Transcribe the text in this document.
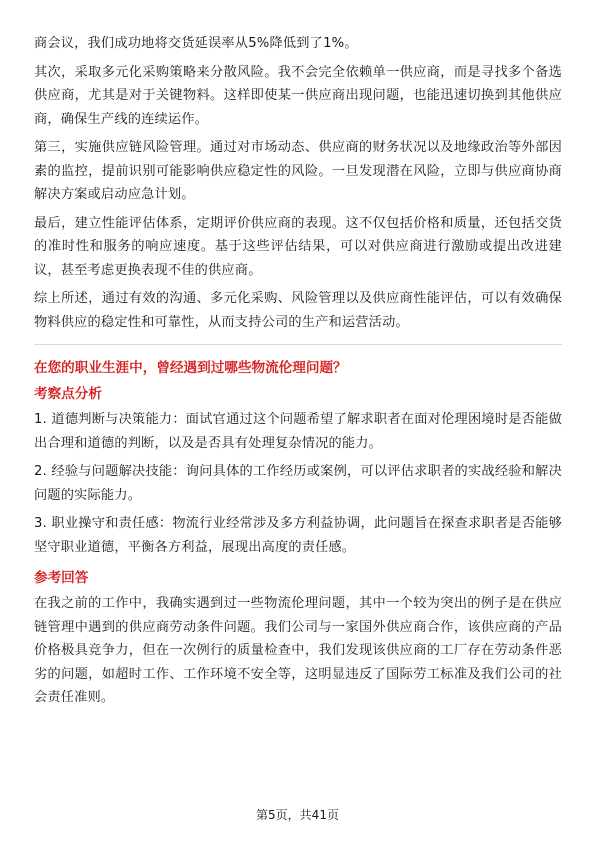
商会议，我们成功地将交货延误率从5%降低到了1%。

其次，采取多元化采购策略来分散风险。我不会完全依赖单一供应商，而是寻找多个备选供应商，尤其是对于关键物料。这样即使某一供应商出现问题，也能迅速切换到其他供应商，确保生产线的连续运作。

第三，实施供应链风险管理。通过对市场动态、供应商的财务状况以及地缘政治等外部因素的监控，提前识别可能影响供应稳定性的风险。一旦发现潜在风险，立即与供应商协商解决方案或启动应急计划。

最后，建立性能评估体系，定期评价供应商的表现。这不仅包括价格和质量，还包括交货的准时性和服务的响应速度。基于这些评估结果，可以对供应商进行激励或提出改进建议，甚至考虑更换表现不佳的供应商。

综上所述，通过有效的沟通、多元化采购、风险管理以及供应商性能评估，可以有效确保物料供应的稳定性和可靠性，从而支持公司的生产和运营活动。

在您的职业生涯中，曾经遇到过哪些物流伦理问题？
考察点分析

1. 道德判断与决策能力：面试官通过这个问题希望了解求职者在面对伦理困境时是否能做出合理和道德的判断，以及是否具有处理复杂情况的能力。

2. 经验与问题解决技能：询问具体的工作经历或案例，可以评估求职者的实战经验和解决问题的实际能力。

3. 职业操守和责任感：物流行业经常涉及多方利益协调，此问题旨在探查求职者是否能够坚守职业道德，平衡各方利益，展现出高度的责任感。

参考回答

在我之前的工作中，我确实遇到过一些物流伦理问题，其中一个较为突出的例子是在供应链管理中遇到的供应商劳动条件问题。我们公司与一家国外供应商合作，该供应商的产品价格极具竞争力，但在一次例行的质量检查中，我们发现该供应商的工厂存在劳动条件恶劣的问题，如超时工作、工作环境不安全等，这明显违反了国际劳工标准及我们公司的社会责任准则。

第5页，共41页
